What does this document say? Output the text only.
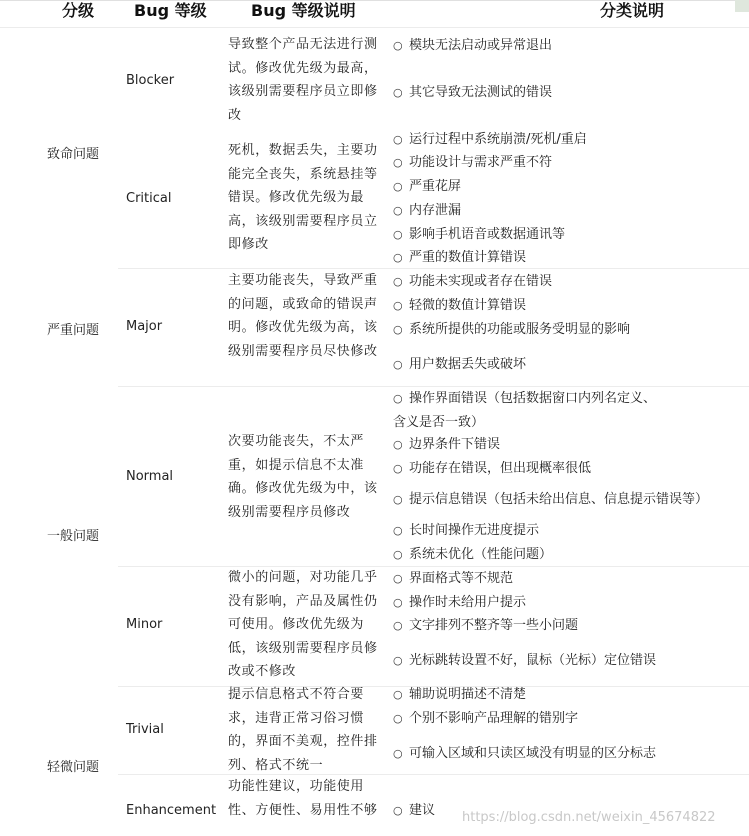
分级 Bug 等级	Bug 等级说明	分类说明
致命问题
严重问题
一般问题
轻微问题
Blocker
Critical
Major
Normal
Minor
Trivial
Enhancement
导致整个产品无法进行测试。修改优先级为最高，该级别需要程序员立即修改
死机，数据丢失，主要功能完全丧失，系统悬挂等错误。修改优先级为最高，该级别需要程序员立即修改
主要功能丧失，导致严重的问题，或致命的错误声明。修改优先级为高，该级别需要程序员尽快修改
次要功能丧失，不太严重，如提示信息不太准确。修改优先级为中，该级别需要程序员修改
微小的问题，对功能几乎没有影响，产品及属性仍可使用。修改优先级为低，该级别需要程序员修改或不修改
提示信息格式不符合要求，违背正常习俗习惯的，界面不美观，控件排列、格式不统一
功能性建议，功能使用性、方便性、易用性不够
○ 模块无法启动或异常退出
○ 其它导致无法测试的错误
○ 运行过程中系统崩溃/死机/重启
○ 功能设计与需求严重不符
○ 严重花屏
○ 内存泄漏
○ 影响手机语音或数据通讯等
○ 严重的数值计算错误
○ 功能未实现或者存在错误
○ 轻微的数值计算错误
○ 系统所提供的功能或服务受明显的影响
○ 用户数据丢失或破坏
○ 操作界面错误（包括数据窗口内列名定义、
含义是否一致）
○ 边界条件下错误
○ 功能存在错误，但出现概率很低
○ 提示信息错误（包括未给出信息、信息提示错误等）
○ 长时间操作无进度提示
○ 系统未优化（性能问题）
○ 界面格式等不规范
○ 操作时未给用户提示
○ 文字排列不整齐等一些小问题
○ 光标跳转设置不好，鼠标（光标）定位错误
○ 辅助说明描述不清楚
○ 个别不影响产品理解的错别字
○ 可输入区域和只读区域没有明显的区分标志
○ 建议 https://blog.csdn.net/weixin_45674822
